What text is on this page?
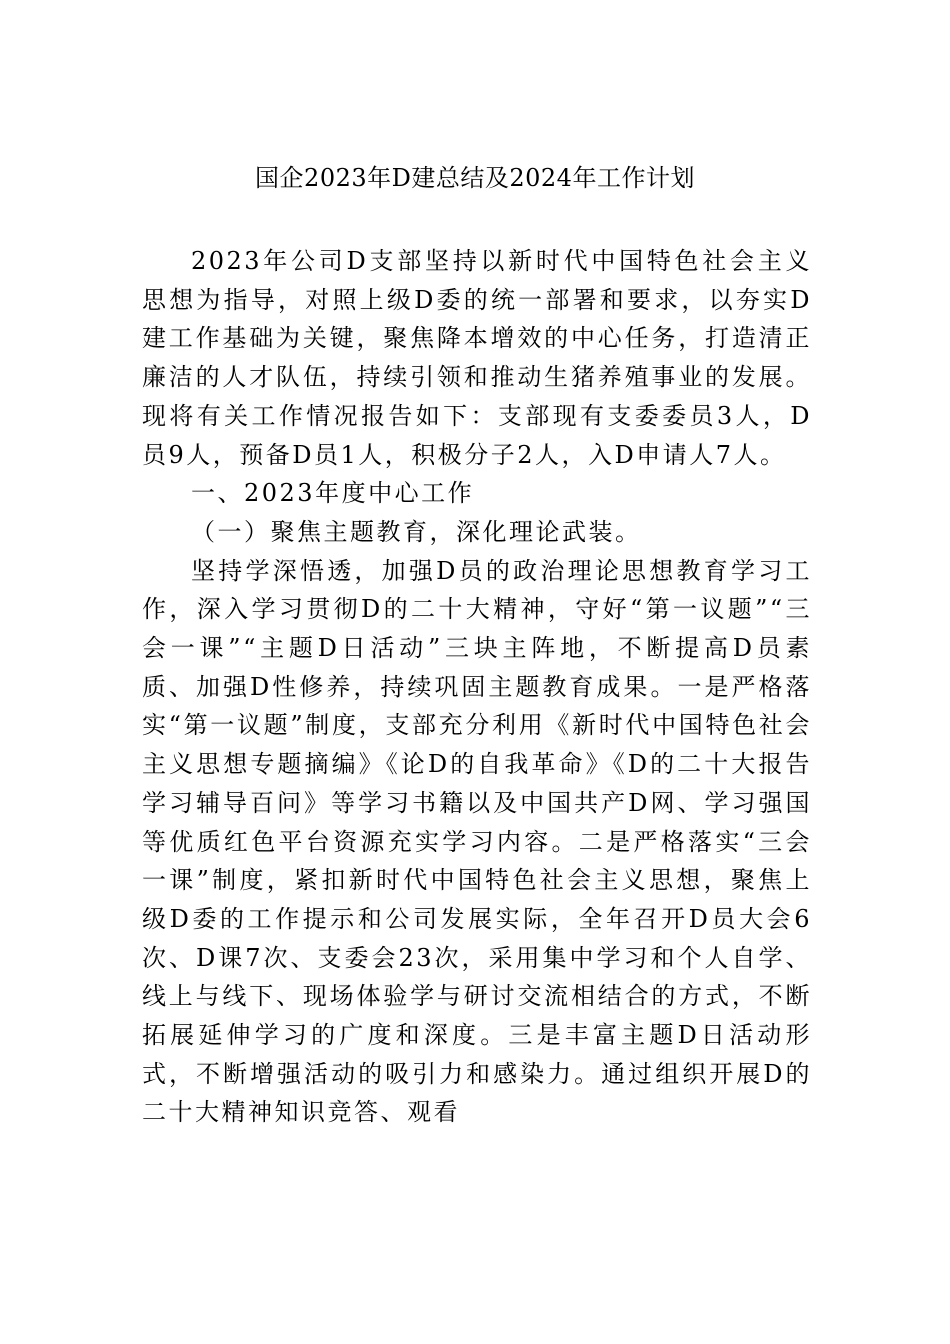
国企2023年D建总结及2024年工作计划

2023年公司D支部坚持以新时代中国特色社会主义思想为指导，对照上级D委的统一部署和要求，以夯实D建工作基础为关键，聚焦降本增效的中心任务，打造清正廉洁的人才队伍，持续引领和推动生猪养殖事业的发展。现将有关工作情况报告如下：支部现有支委委员3人，D员9人，预备D员1人，积极分子2人，入D申请人7人。

一、2023年度中心工作

（一）聚焦主题教育，深化理论武装。

坚持学深悟透，加强D员的政治理论思想教育学习工作，深入学习贯彻D的二十大精神，守好“第一议题”“三会一课”“主题D日活动”三块主阵地，不断提高D员素质、加强D性修养，持续巩固主题教育成果。一是严格落实“第一议题”制度，支部充分利用《新时代中国特色社会主义思想专题摘编》《论D的自我革命》《D的二十大报告学习辅导百问》等学习书籍以及中国共产D网、学习强国等优质红色平台资源充实学习内容。二是严格落实“三会一课”制度，紧扣新时代中国特色社会主义思想，聚焦上级D委的工作提示和公司发展实际，全年召开D员大会6次、D课7次、支委会23次，采用集中学习和个人自学、线上与线下、现场体验学与研讨交流相结合的方式，不断拓展延伸学习的广度和深度。三是丰富主题D日活动形式，不断增强活动的吸引力和感染力。通过组织开展D的二十大精神知识竞答、观看
